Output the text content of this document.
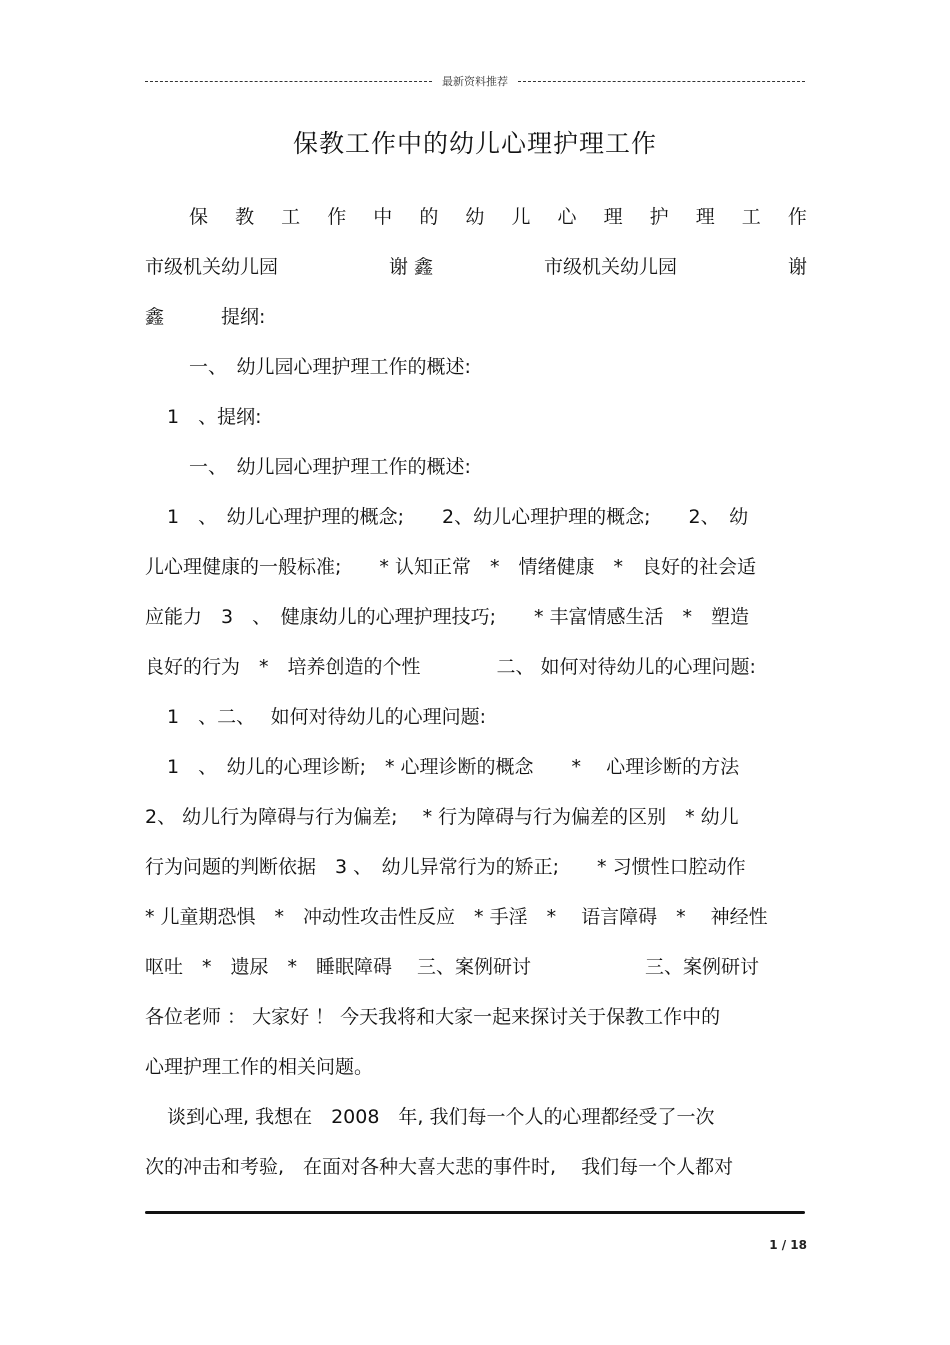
最新资料推荐
保教工作中的幼儿心理护理工作
保 教 工 作 中 的 幼 儿 心 理 护 理 工 作
市级机关幼儿园	谢 鑫	市级机关幼儿园	谢
鑫　　　提纲:
一、　幼儿园心理护理工作的概述:
1　、提纲:
一、　幼儿园心理护理工作的概述:
1　、　幼儿心理护理的概念;　　2、幼儿心理护理的概念;　　2、　幼
儿心理健康的一般标准;　　* 认知正常　*　情绪健康　*　良好的社会适
应能力　3　、　健康幼儿的心理护理技巧;　　* 丰富情感生活　*　塑造
良好的行为　*　培养创造的个性　　　　二、 如何对待幼儿的心理问题:
1　、二、　 如何对待幼儿的心理问题:
1　、　幼儿的心理诊断;　* 心理诊断的概念　　*　 心理诊断的方法
2、 幼儿行为障碍与行为偏差;　 * 行为障碍与行为偏差的区别　* 幼儿
行为问题的判断依据　3 、　幼儿异常行为的矫正;　　* 习惯性口腔动作
* 儿童期恐惧　*　冲动性攻击性反应　* 手淫　*　 语言障碍　*　 神经性
呕吐　*　遗尿　*　睡眠障碍　 三、案例研讨　　　　　　三、案例研讨
各位老师 ： 大家好 ！ 今天我将和大家一起来探讨关于保教工作中的
心理护理工作的相关问题。
谈到心理, 我想在　2008　年, 我们每一个人的心理都经受了一次
次的冲击和考验,　在面对各种大喜大悲的事件时,　 我们每一个人都对
1 / 18
